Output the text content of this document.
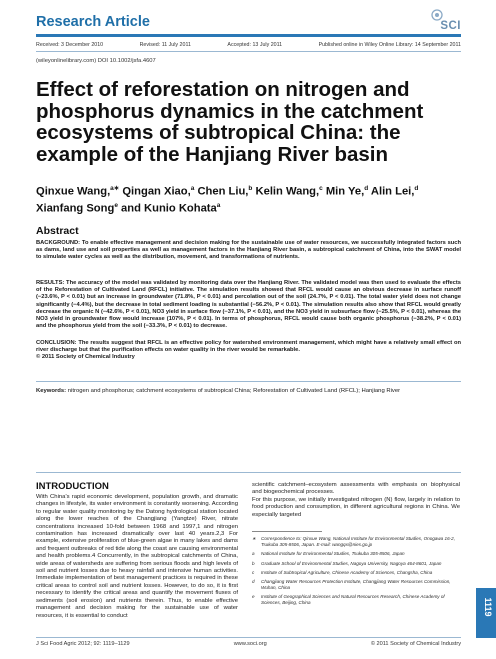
Research Article	SCI
Received: 3 December 2010	Revised: 11 July 2011	Accepted: 13 July 2011	Published online in Wiley Online Library: 14 September 2011
(wileyonlinelibrary.com) DOI 10.1002/jsfa.4607
Effect of reforestation on nitrogen and phosphorus dynamics in the catchment ecosystems of subtropical China: the example of the Hanjiang River basin
Qinxue Wang,$^{a∗}$ Qingan Xiao,$^a$ Chen Liu,$^b$ Kelin Wang,$^c$ Min Ye,$^d$ Alin Lei,$^d$ Xianfang Song$^e$ and Kunio Kohata$^a$
Abstract
BACKGROUND: To enable effective management and decision making for the sustainable use of water resources, we successfully integrated factors such as dams, land use and soil properties as well as management factors in the Hanjiang River basin, a subtropical catchment of China, into the SWAT model to simulate water cycles as well as the distribution, movement, and transformations of nutrients.
RESULTS: The accuracy of the model was validated by monitoring data over the Hanjiang River. The validated model was then used to evaluate the effects of the Reforestation of Cultivated Land (RFCL) initiative. The simulation results showed that RFCL would cause an obvious decrease in surface runoff (−23.6%, P < 0.01) but an increase in groundwater (71.8%, P < 0.01) and percolation out of the soil (24.7%, P < 0.01). The total water yield does not change significantly (−4.4%), but the decrease in total sediment loading is substantial (−56.2%, P < 0.01). The simulation results also show that RFCL would greatly decrease the organic N (−42.6%, P < 0.01), NO3 yield in surface flow (−37.1%, P < 0.01), and the NO3 yield in subsurface flow (−25.5%, P < 0.01), whereas the NO3 yield in groundwater flow would increase (107%, P < 0.01). In terms of phosphorus, RFCL would cause both organic phosphorus (−38.2%, P < 0.01) and the phosphorus yield from the soil (−33.3%, P < 0.01) to decrease.
CONCLUSION: The results suggest that RFCL is an effective policy for watershed environment management, which might have a relatively small effect on river discharge but that the purification effects on water quality in the river would be remarkable.
© 2011 Society of Chemical Industry
Keywords: nitrogen and phosphorus; catchment ecosystems of subtropical China; Reforestation of Cultivated Land (RFCL); Hanjiang River
INTRODUCTION
With China's rapid economic development, population growth, and dramatic changes in lifestyle, its water environment is constantly worsening. According to regular water quality monitoring by the Datong hydrological station located along the lower reaches of the Changjiang (Yangtze) River, nitrate concentrations increased 10-fold between 1968 and 1997,1 and nitrogen contamination has increased dramatically over last 40 years.2,3 For example, extensive proliferation of blue-green algae in many lakes and dams and frequent outbreaks of red tide along the coast are causing environmental and health problems.4 Concurrently, in the subtropical catchments of China, wide areas of watersheds are suffering from serious floods and high levels of soil and nutrient losses due to heavy rainfall and intensive human activities. Immediate implementation of best management practices is required in these critical areas to control soil and nutrient losses. However, to do so, it is first necessary to identify the critical areas and quantify the movement fluxes of sediments (soil erosion) and nutrients therein. Thus, to enable effective management and decision making for the sustainable use of water resources, it is essential to conduct
scientific catchment–ecosystem assessments with emphasis on biophysical and biogeochemical processes.
For this purpose, we initially investigated nitrogen (N) flow, largely in relation to food production and consumption, in different agricultural regions in China. We especially targeted
∗	Correspondence to: Qinxue Wang, National Institute for Environmental Studies, Onogawa 16-2, Tsukuba 305-8506, Japan. E-mail: wangqx@nies.go.jp
a	National Institute for Environmental Studies, Tsukuba 305-8506, Japan
b	Graduate School of Environmental Studies, Nagoya University, Nagoya 464-8601, Japan
c	Institute of Subtropical Agriculture, Chinese Academy of Sciences, Changsha, China
d	Changjiang Water Resources Protection Institute, Changjiang Water Resources Commission, Wuhan, China
e	Institute of Geographical Sciences and Natural Resources Research, Chinese Academy of Sciences, Beijing, China
J Sci Food Agric 2012; 92: 1119–1129	www.soci.org	© 2011 Society of Chemical Industry
1119
